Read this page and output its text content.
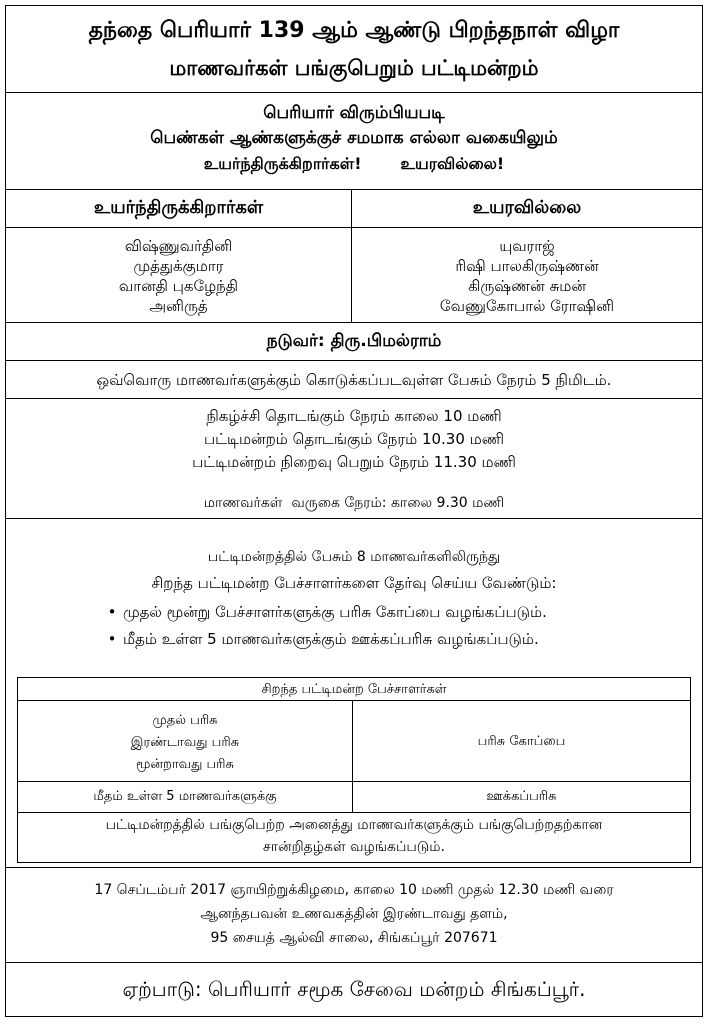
தந்தை பெரியார் 139 ஆம் ஆண்டு பிறந்தநாள் விழா
மாணவர்கள் பங்குபெறும் பட்டிமன்றம்
பெரியார் விரும்பியபடி
பெண்கள் ஆண்களுக்குச் சமமாக எல்லா வகையிலும்
உயர்ந்திருக்கிறார்கள்!       உயரவில்லை!
உயர்ந்திருக்கிறார்கள்	உயரவில்லை
விஷ்ணுவர்தினி
முத்துக்குமார
வானதி புகழேந்தி
அனிருத்
யுவராஜ்
ரிஷி பாலகிருஷ்ணன்
கிருஷ்ணன் சுமன்
வேணுகோபால் ரோஷினி
நடுவர்: திரு.பிமல்ராம்
ஒவ்வொரு மாணவர்களுக்கும் கொடுக்கப்படவுள்ள பேசும் நேரம் 5 நிமிடம்.
நிகழ்ச்சி தொடங்கும் நேரம் காலை 10 மணி
பட்டிமன்றம் தொடங்கும் நேரம் 10.30 மணி
பட்டிமன்றம் நிறைவு பெறும் நேரம் 11.30 மணி
மாணவர்கள்  வருகை நேரம்: காலை 9.30 மணி
பட்டிமன்றத்தில் பேசும் 8 மாணவர்களிலிருந்து
சிறந்த பட்டிமன்ற பேச்சாளர்களை தேர்வு செய்ய வேண்டும்:
• முதல் மூன்று பேச்சாளர்களுக்கு பரிசு கோப்பை வழங்கப்படும்.
• மீதம் உள்ள 5 மாணவர்களுக்கும் ஊக்கப்பரிசு வழங்கப்படும்.
சிறந்த பட்டிமன்ற பேச்சாளர்கள்
முதல் பரிசு
இரண்டாவது பரிசு
மூன்றாவது பரிசு
பரிசு கோப்பை
மீதம் உள்ள 5 மாணவர்களுக்கு	ஊக்கப்பரிசு
பட்டிமன்றத்தில் பங்குபெற்ற அனைத்து மாணவர்களுக்கும் பங்குபெற்றதற்கான
சான்றிதழ்கள் வழங்கப்படும்.
17 செப்டம்பர் 2017 ஞாயிற்றுக்கிழமை, காலை 10 மணி முதல் 12.30 மணி வரை
ஆனந்தபவன் உணவகத்தின் இரண்டாவது தளம்,
95 சையத் ஆல்வி சாலை, சிங்கப்பூர் 207671
ஏற்பாடு: பெரியார் சமூக சேவை மன்றம் சிங்கப்பூர்.
